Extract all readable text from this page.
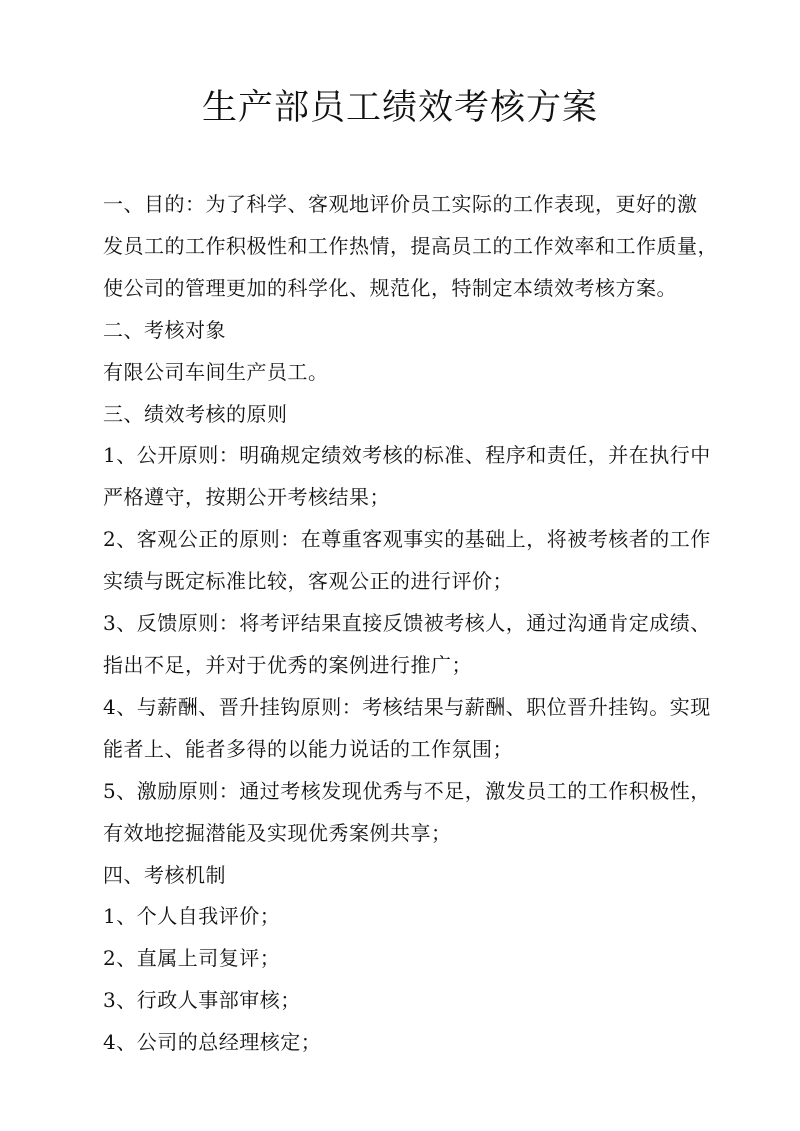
生产部员工绩效考核方案
一、目的：为了科学、客观地评价员工实际的工作表现，更好的激
发员工的工作积极性和工作热情，提高员工的工作效率和工作质量，
使公司的管理更加的科学化、规范化，特制定本绩效考核方案。
二、考核对象
有限公司车间生产员工。
三、绩效考核的原则
1、公开原则：明确规定绩效考核的标准、程序和责任，并在执行中
严格遵守，按期公开考核结果；
2、客观公正的原则：在尊重客观事实的基础上，将被考核者的工作
实绩与既定标准比较，客观公正的进行评价；
3、反馈原则：将考评结果直接反馈被考核人，通过沟通肯定成绩、
指出不足，并对于优秀的案例进行推广；
4、与薪酬、晋升挂钩原则：考核结果与薪酬、职位晋升挂钩。实现
能者上、能者多得的以能力说话的工作氛围；
5、激励原则：通过考核发现优秀与不足，激发员工的工作积极性，
有效地挖掘潜能及实现优秀案例共享；
四、考核机制
1、个人自我评价；
2、直属上司复评；
3、行政人事部审核；
4、公司的总经理核定；
